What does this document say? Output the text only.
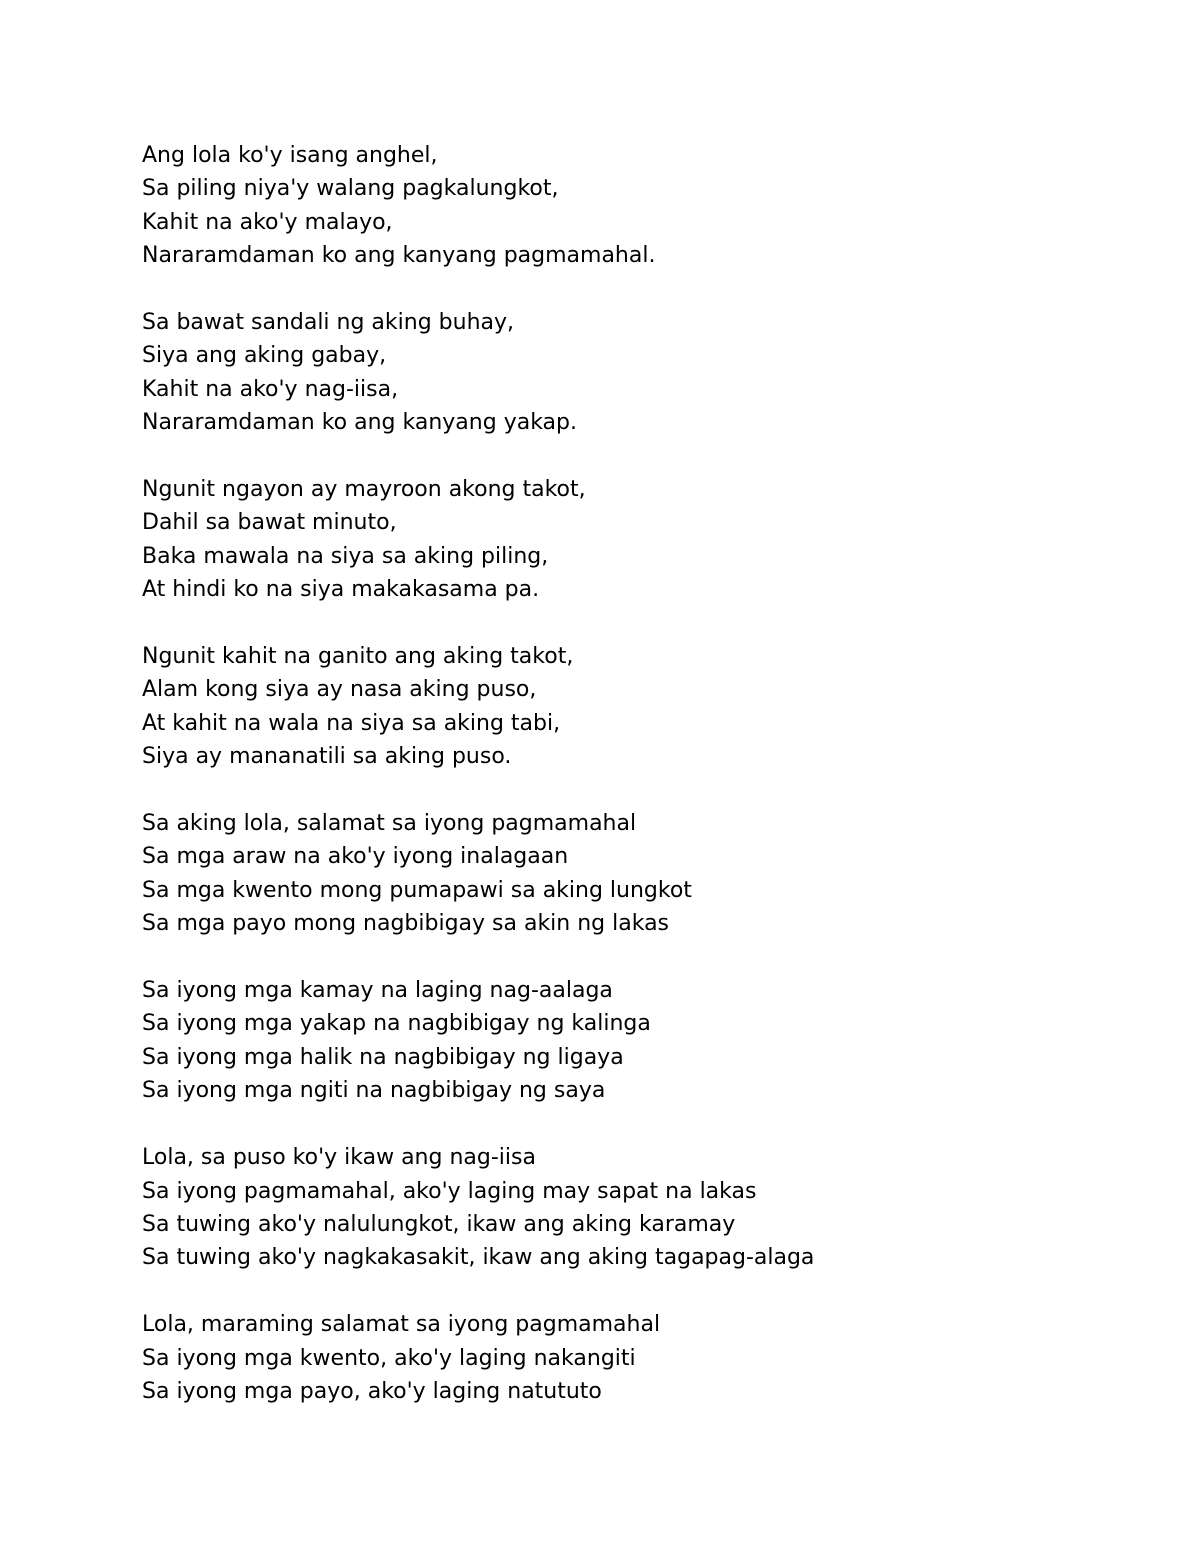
Ang lola ko'y isang anghel,
Sa piling niya'y walang pagkalungkot,
Kahit na ako'y malayo,
Nararamdaman ko ang kanyang pagmamahal.
Sa bawat sandali ng aking buhay,
Siya ang aking gabay,
Kahit na ako'y nag-iisa,
Nararamdaman ko ang kanyang yakap.
Ngunit ngayon ay mayroon akong takot,
Dahil sa bawat minuto,
Baka mawala na siya sa aking piling,
At hindi ko na siya makakasama pa.
Ngunit kahit na ganito ang aking takot,
Alam kong siya ay nasa aking puso,
At kahit na wala na siya sa aking tabi,
Siya ay mananatili sa aking puso.
Sa aking lola, salamat sa iyong pagmamahal
Sa mga araw na ako'y iyong inalagaan
Sa mga kwento mong pumapawi sa aking lungkot
Sa mga payo mong nagbibigay sa akin ng lakas
Sa iyong mga kamay na laging nag-aalaga
Sa iyong mga yakap na nagbibigay ng kalinga
Sa iyong mga halik na nagbibigay ng ligaya
Sa iyong mga ngiti na nagbibigay ng saya
Lola, sa puso ko'y ikaw ang nag-iisa
Sa iyong pagmamahal, ako'y laging may sapat na lakas
Sa tuwing ako'y nalulungkot, ikaw ang aking karamay
Sa tuwing ako'y nagkakasakit, ikaw ang aking tagapag-alaga
Lola, maraming salamat sa iyong pagmamahal
Sa iyong mga kwento, ako'y laging nakangiti
Sa iyong mga payo, ako'y laging natututo
